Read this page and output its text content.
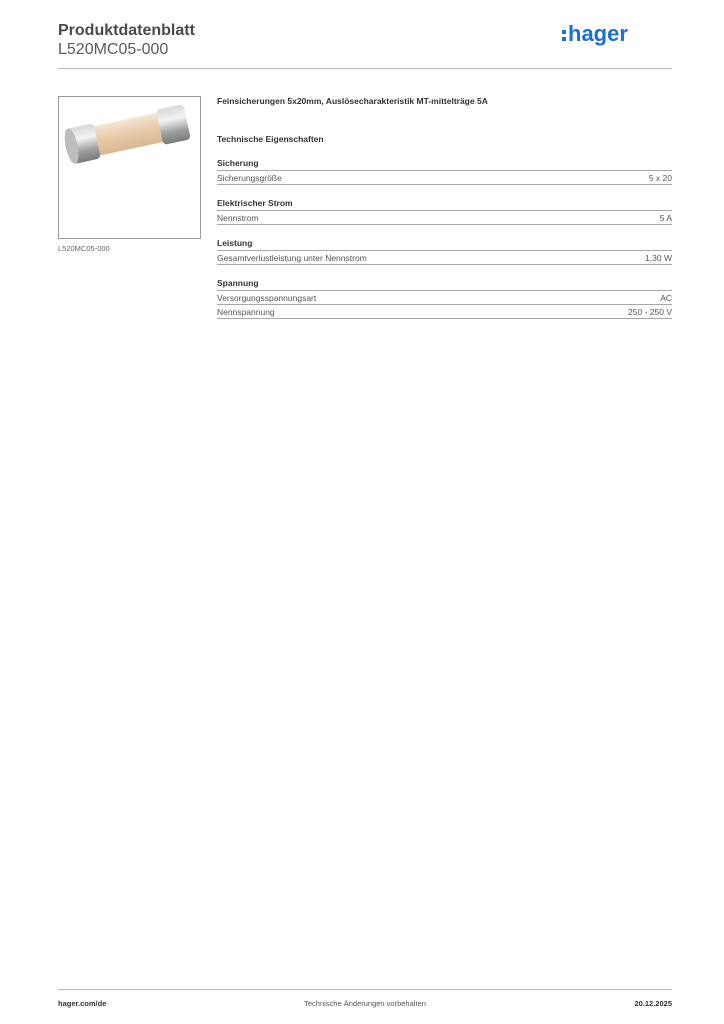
Produktdatenblatt
L520MC05-000
hager
L520MC05-000

Feinsicherungen 5x20mm, Auslösecharakteristik MT-mittelträge 5A

Technische Eigenschaften
Sicherung
Sicherungsgröße	5 x 20
Elektrischer Strom
Nennstrom	5 A
Leistung
Gesamtverlustleistung unter Nennstrom	1,30 W
Spannung
Versorgungsspannungsart	AC
Nennspannung	250 - 250 V
hager.com/de	Technische Änderungen vorbehalten	20.12.2025
